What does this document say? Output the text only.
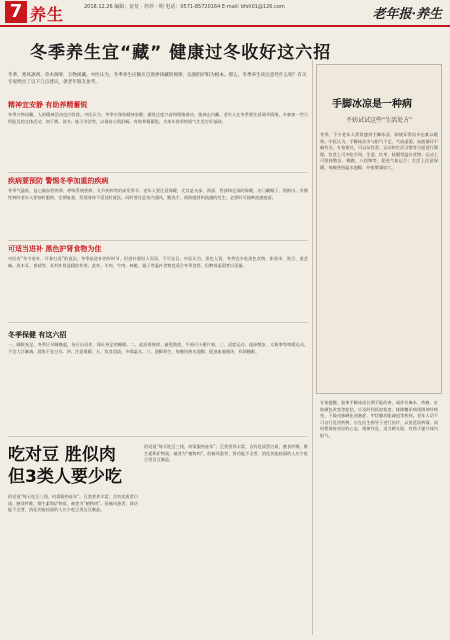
7 养生	2018.12.26 编辑：征征 · 珍珍 · 明 电话：0571-85720164 E-mail: bfsh01@126.com	老年报·养生
冬季养生宜“藏” 健康过冬收好这六招
冬季，寒风凛冽、草木凋零，万物闭藏。中医认为，冬季养生应顺应自然界闭藏的规律，以敛阴护阳为根本。那么，冬季养生该注意些什么呢？有关专家给出了以下几点建议，供老年朋友参考。
精神宜安静 有助养精蓄锐
冬季万物闭藏，人的精神活动也应收敛。中医认为，冬季应保持精神安静，避免过度兴奋和情绪波动，使神志内藏。老年人在冬季要注意调节情绪，多参加一些力所能及的文体活动，如下棋、读书、练习书法等，以保持心情舒畅，有助养精蓄锐，为来年春季的阳气生发打好基础。
疾病要预防 警惕冬季加重的疾病
冬季气温低，是心脑血管疾病、呼吸系统疾病、关节疾病等的高发季节。老年人要注意保暖，尤其是头部、颈部、背部和足部的保暖，出门戴帽子、围围巾。有慢性病的老年人要按时服药，定期复查，发现身体不适及时就医。同时要注意室内通风，勤洗手，预防感冒和流感的发生，必要时可接种流感疫苗。
可适当进补 黑色护肾食物为佳
中医有“冬令进补，开春打虎”的说法。冬季是进补的好时节，但进补要因人而异，不可盲目。中医认为，黑色入肾，冬季宜多吃黑色食物，如黑米、黑豆、黑芝麻、黑木耳、香菇等，具有补肾益精的作用。此外，羊肉、牛肉、核桃、栗子等温补食物也适合冬季食用，但脾胃虚弱者应适量。
冬季保健 有这六招
一、睡眠充足。冬季应早睡晚起，待日出而作，保证充足的睡眠。二、起居要规律。避免熬夜，午间可小憩片刻。三、适度运动。选择散步、太极拳等和缓运动，不宜大汗淋漓，晨练不宜过早。四、注意保暖。五、饮食清淡，多喝温水。六、泡脚养生，每晚用热水泡脚，促进血液循环，有助睡眠。
吃对豆 胜似肉 但3类人要少吃
俗话说“每天吃豆三钱，何需服药连年”。豆类营养丰富，含有优质蛋白质、膳食纤维、维生素和矿物质，被誉为“植物肉”。但痛风患者、肾功能不全者、消化功能较弱的人应少吃豆类及豆制品。
俗话说“每天吃豆三钱，何需服药连年”。豆类营养丰富，含有优质蛋白质、膳食纤维、维生素和矿物质，被誉为“植物肉”。但痛风患者、肾功能不全者、消化功能较弱的人应少吃豆类及豆制品。
手脚冰凉是一种病
不妨试试这些“生活处方”
冬季，不少老年人常常感到手脚冰凉，即使穿得再多也难以暖和。中医认为，手脚冰凉多与阳气不足、气血虚弱、血液循环不畅有关。专家建议，可以从饮食、运动和生活习惯等方面进行调理。饮食上可多吃羊肉、生姜、红枣、桂圆等温补食物；运动上可坚持散步、慢跑、八段锦等，促进气血运行；生活上注意保暖，每晚坚持温水泡脚，并按摩涌泉穴。
专家提醒，如果手脚冰凉长期不能改善，或伴有麻木、疼痛、皮肤颜色改变等症状，应及时到医院检查，排除糖尿病周围神经病变、下肢动脉硬化闭塞症、甲状腺功能减退等疾病。老年人切不可自行乱用药物，应在医生指导下进行治疗，以免延误病情。同时要保持良好的心态，规律作息，适当晒太阳，有助于提升体内阳气。
